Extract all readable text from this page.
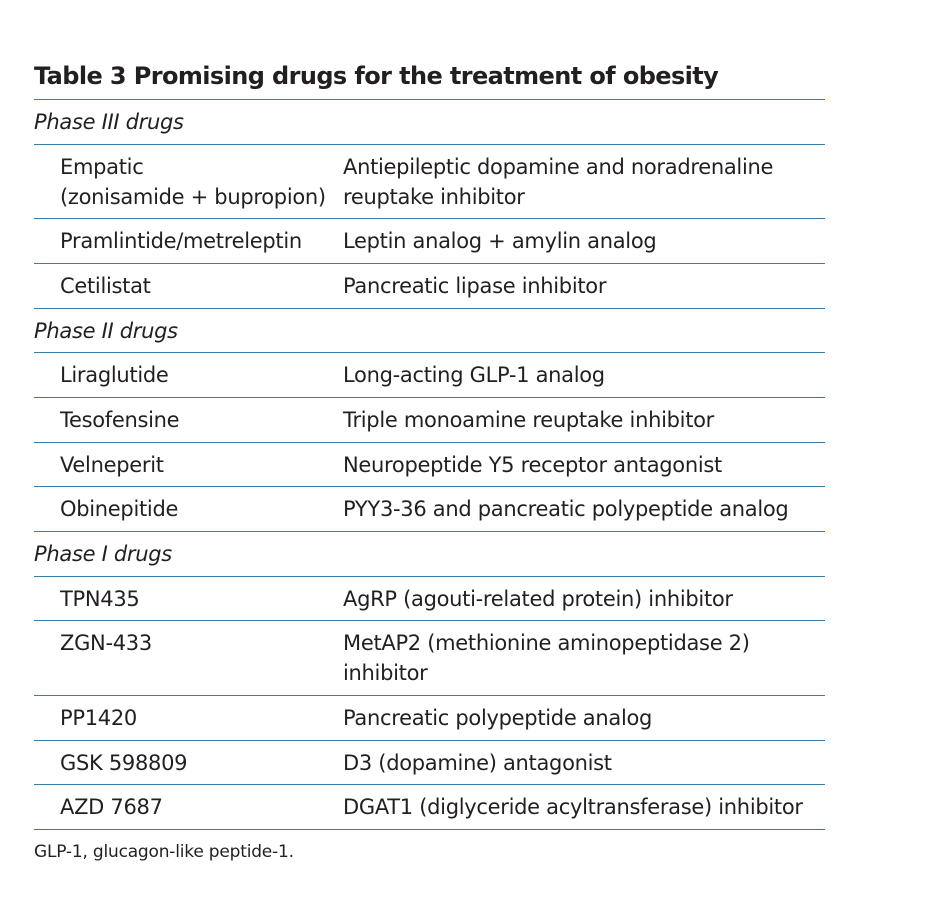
Table 3 Promising drugs for the treatment of obesity
Phase III drugs	
Empatic
(zonisamide + bupropion)	Antiepileptic dopamine and noradrenaline
reuptake inhibitor
Pramlintide/metreleptin	Leptin analog + amylin analog
Cetilistat	Pancreatic lipase inhibitor
Phase II drugs	
Liraglutide	Long-acting GLP-1 analog
Tesofensine	Triple monoamine reuptake inhibitor
Velneperit	Neuropeptide Y5 receptor antagonist
Obinepitide	PYY3-36 and pancreatic polypeptide analog
Phase I drugs	
TPN435	AgRP (agouti-related protein) inhibitor
ZGN-433	MetAP2 (methionine aminopeptidase 2)
inhibitor
PP1420	Pancreatic polypeptide analog
GSK 598809	D3 (dopamine) antagonist
AZD 7687	DGAT1 (diglyceride acyltransferase) inhibitor
GLP-1, glucagon-like peptide-1.
